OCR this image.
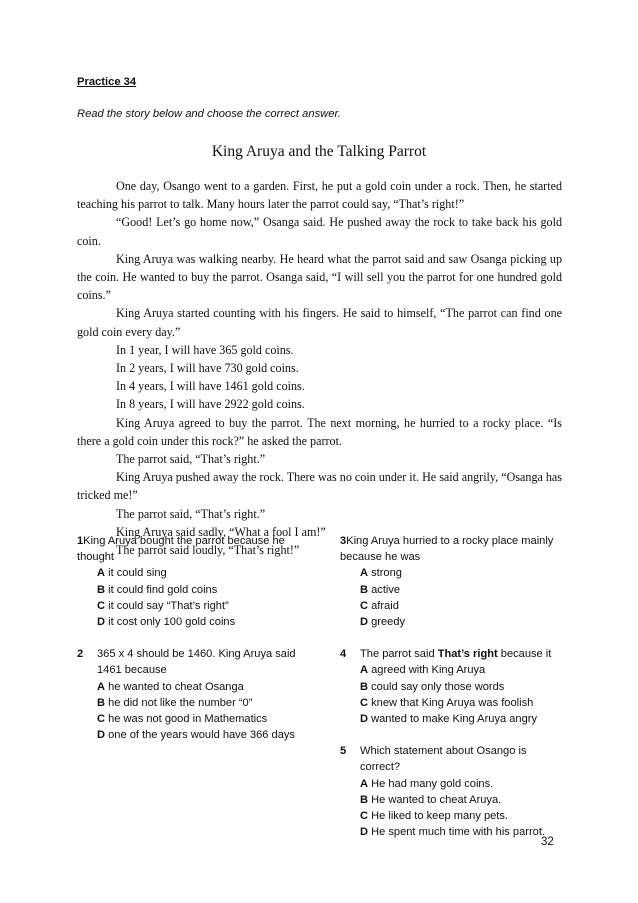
Practice 34
Read the story below and choose the correct answer.
King Aruya and the Talking Parrot

One day, Osango went to a garden. First, he put a gold coin under a rock. Then, he started teaching his parrot to talk. Many hours later the parrot could say, “That’s right!”

“Good! Let’s go home now,” Osanga said. He pushed away the rock to take back his gold coin.

King Aruya was walking nearby. He heard what the parrot said and saw Osanga picking up the coin. He wanted to buy the parrot. Osanga said, “I will sell you the parrot for one hundred gold coins.”

King Aruya started counting with his fingers. He said to himself, “The parrot can find one gold coin every day.”

In 1 year, I will have 365 gold coins.

In 2 years, I will have 730 gold coins.

In 4 years, I will have 1461 gold coins.

In 8 years, I will have 2922 gold coins.

King Aruya agreed to buy the parrot. The next morning, he hurried to a rocky place. “Is there a gold coin under this rock?” he asked the parrot.

The parrot said, “That’s right.”

King Aruya pushed away the rock. There was no coin under it. He said angrily, “Osanga has tricked me!”

The parrot said, “That’s right.”

King Aruya said sadly, “What a fool I am!”

The parrot said loudly, “That’s right!”

1King Aruya bought the parrot because he thought
A it could sing
B it could find gold coins
C it could say “That’s right”
D it cost only 100 gold coins
2	365 x 4 should be 1460. King Aruya said 1461 because
A he wanted to cheat Osanga
B he did not like the number “0”
C he was not good in Mathematics
D one of the years would have 366 days
3King Aruya hurried to a rocky place mainly because he was
A strong
B active
C afraid
D greedy
4	The parrot said That’s right because it
A agreed with King Aruya
B could say only those words
C knew that King Aruya was foolish
D wanted to make King Aruya angry
5	Which statement about Osango is correct?
A He had many gold coins.
B He wanted to cheat Aruya.
C He liked to keep many pets.
D He spent much time with his parrot.
32
